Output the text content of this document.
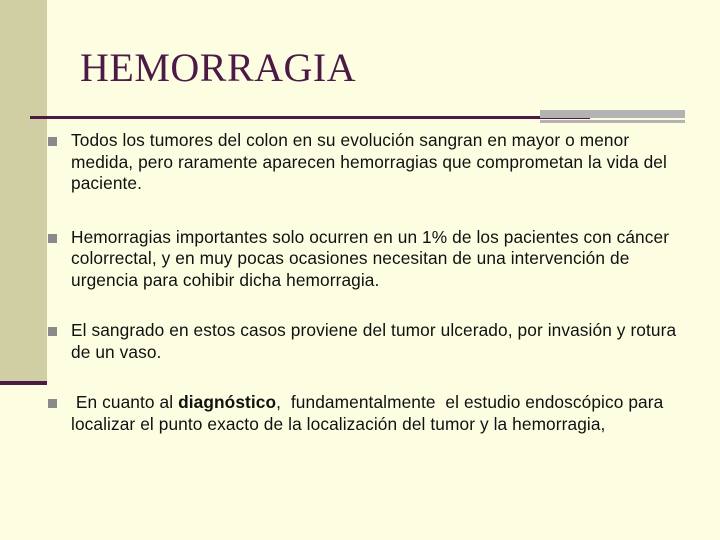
HEMORRAGIA
Todos los tumores del colon en su evolución sangran en mayor o menor medida, pero raramente aparecen hemorragias que comprometan la vida del paciente.
Hemorragias importantes solo ocurren en un 1% de los pacientes con cáncer colorrectal, y en muy pocas ocasiones necesitan de una intervención de urgencia para cohibir dicha hemorragia.
El sangrado en estos casos proviene del tumor ulcerado, por invasión y rotura de un vaso.
En cuanto al diagnóstico,  fundamentalmente  el estudio endoscópico para localizar el punto exacto de la localización del tumor y la hemorragia,
